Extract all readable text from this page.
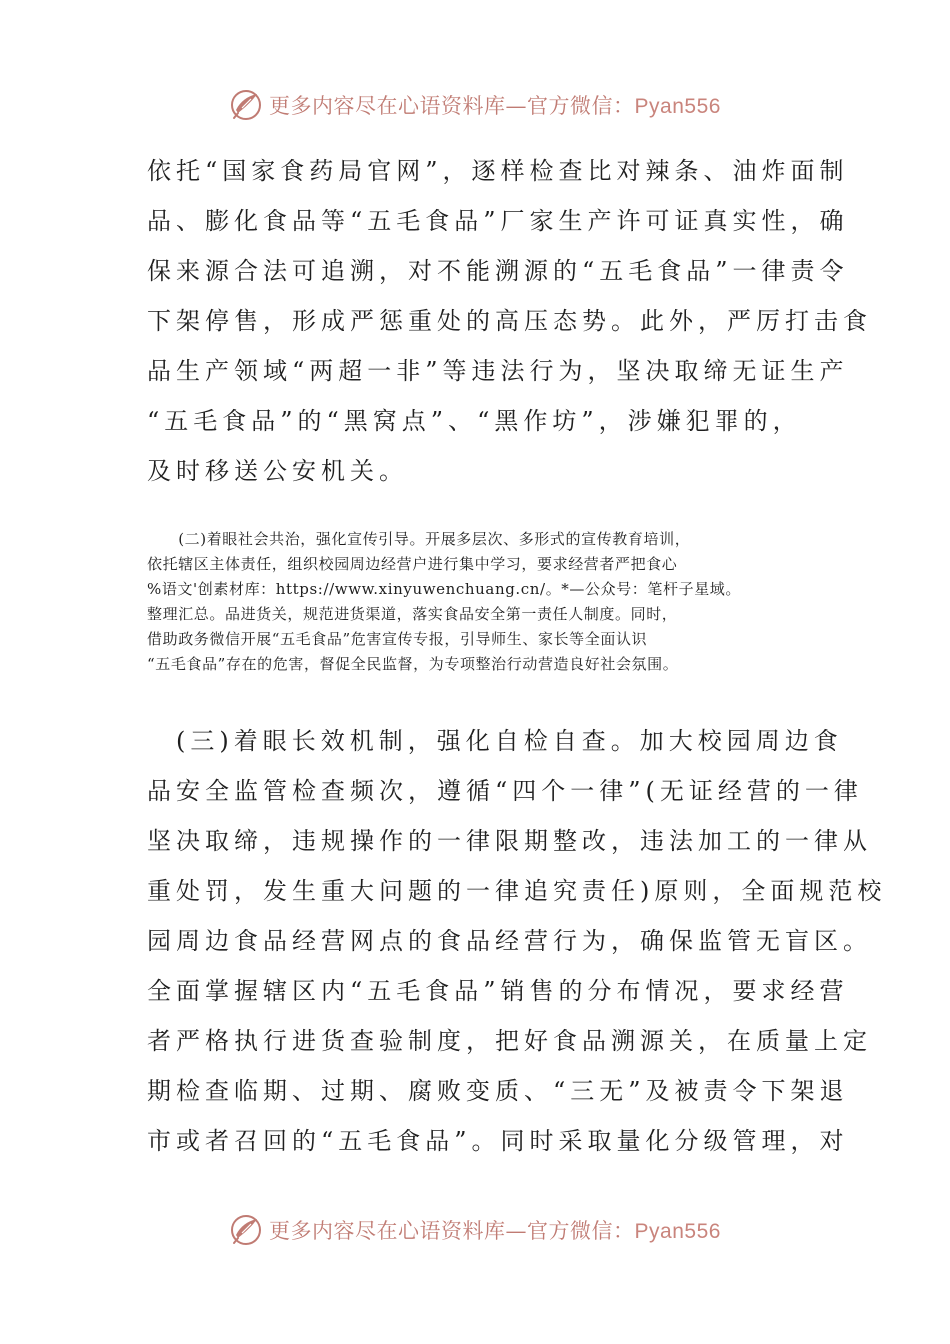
更多内容尽在心语资料库—官方微信：Pyan556
依托“国家食药局官网”，逐样检查比对辣条、油炸面制
品、膨化食品等“五毛食品”厂家生产许可证真实性，确
保来源合法可追溯，对不能溯源的“五毛食品”一律责令
下架停售，形成严惩重处的高压态势。此外，严厉打击食
品生产领域“两超一非”等违法行为，坚决取缔无证生产
“五毛食品”的“黑窝点”、“黑作坊”，涉嫌犯罪的，
及时移送公安机关。
　　(二)着眼社会共治，强化宣传引导。开展多层次、多形式的宣传教育培训，
依托辖区主体责任，组织校园周边经营户进行集中学习，要求经营者严把食心
%语文'创素材库：https://www.xinyuwenchuang.cn/。*—公众号：笔杆子星域。
整理汇总。品进货关，规范进货渠道，落实食品安全第一责任人制度。同时，
借助政务微信开展“五毛食品”危害宣传专报，引导师生、家长等全面认识
“五毛食品”存在的危害，督促全民监督，为专项整治行动营造良好社会氛围。
　(三)着眼长效机制，强化自检自查。加大校园周边食
品安全监管检查频次，遵循“四个一律”(无证经营的一律
坚决取缔，违规操作的一律限期整改，违法加工的一律从
重处罚，发生重大问题的一律追究责任)原则，全面规范校
园周边食品经营网点的食品经营行为，确保监管无盲区。
全面掌握辖区内“五毛食品”销售的分布情况，要求经营
者严格执行进货查验制度，把好食品溯源关，在质量上定
期检查临期、过期、腐败变质、“三无”及被责令下架退
市或者召回的“五毛食品”。同时采取量化分级管理，对
更多内容尽在心语资料库—官方微信：Pyan556
